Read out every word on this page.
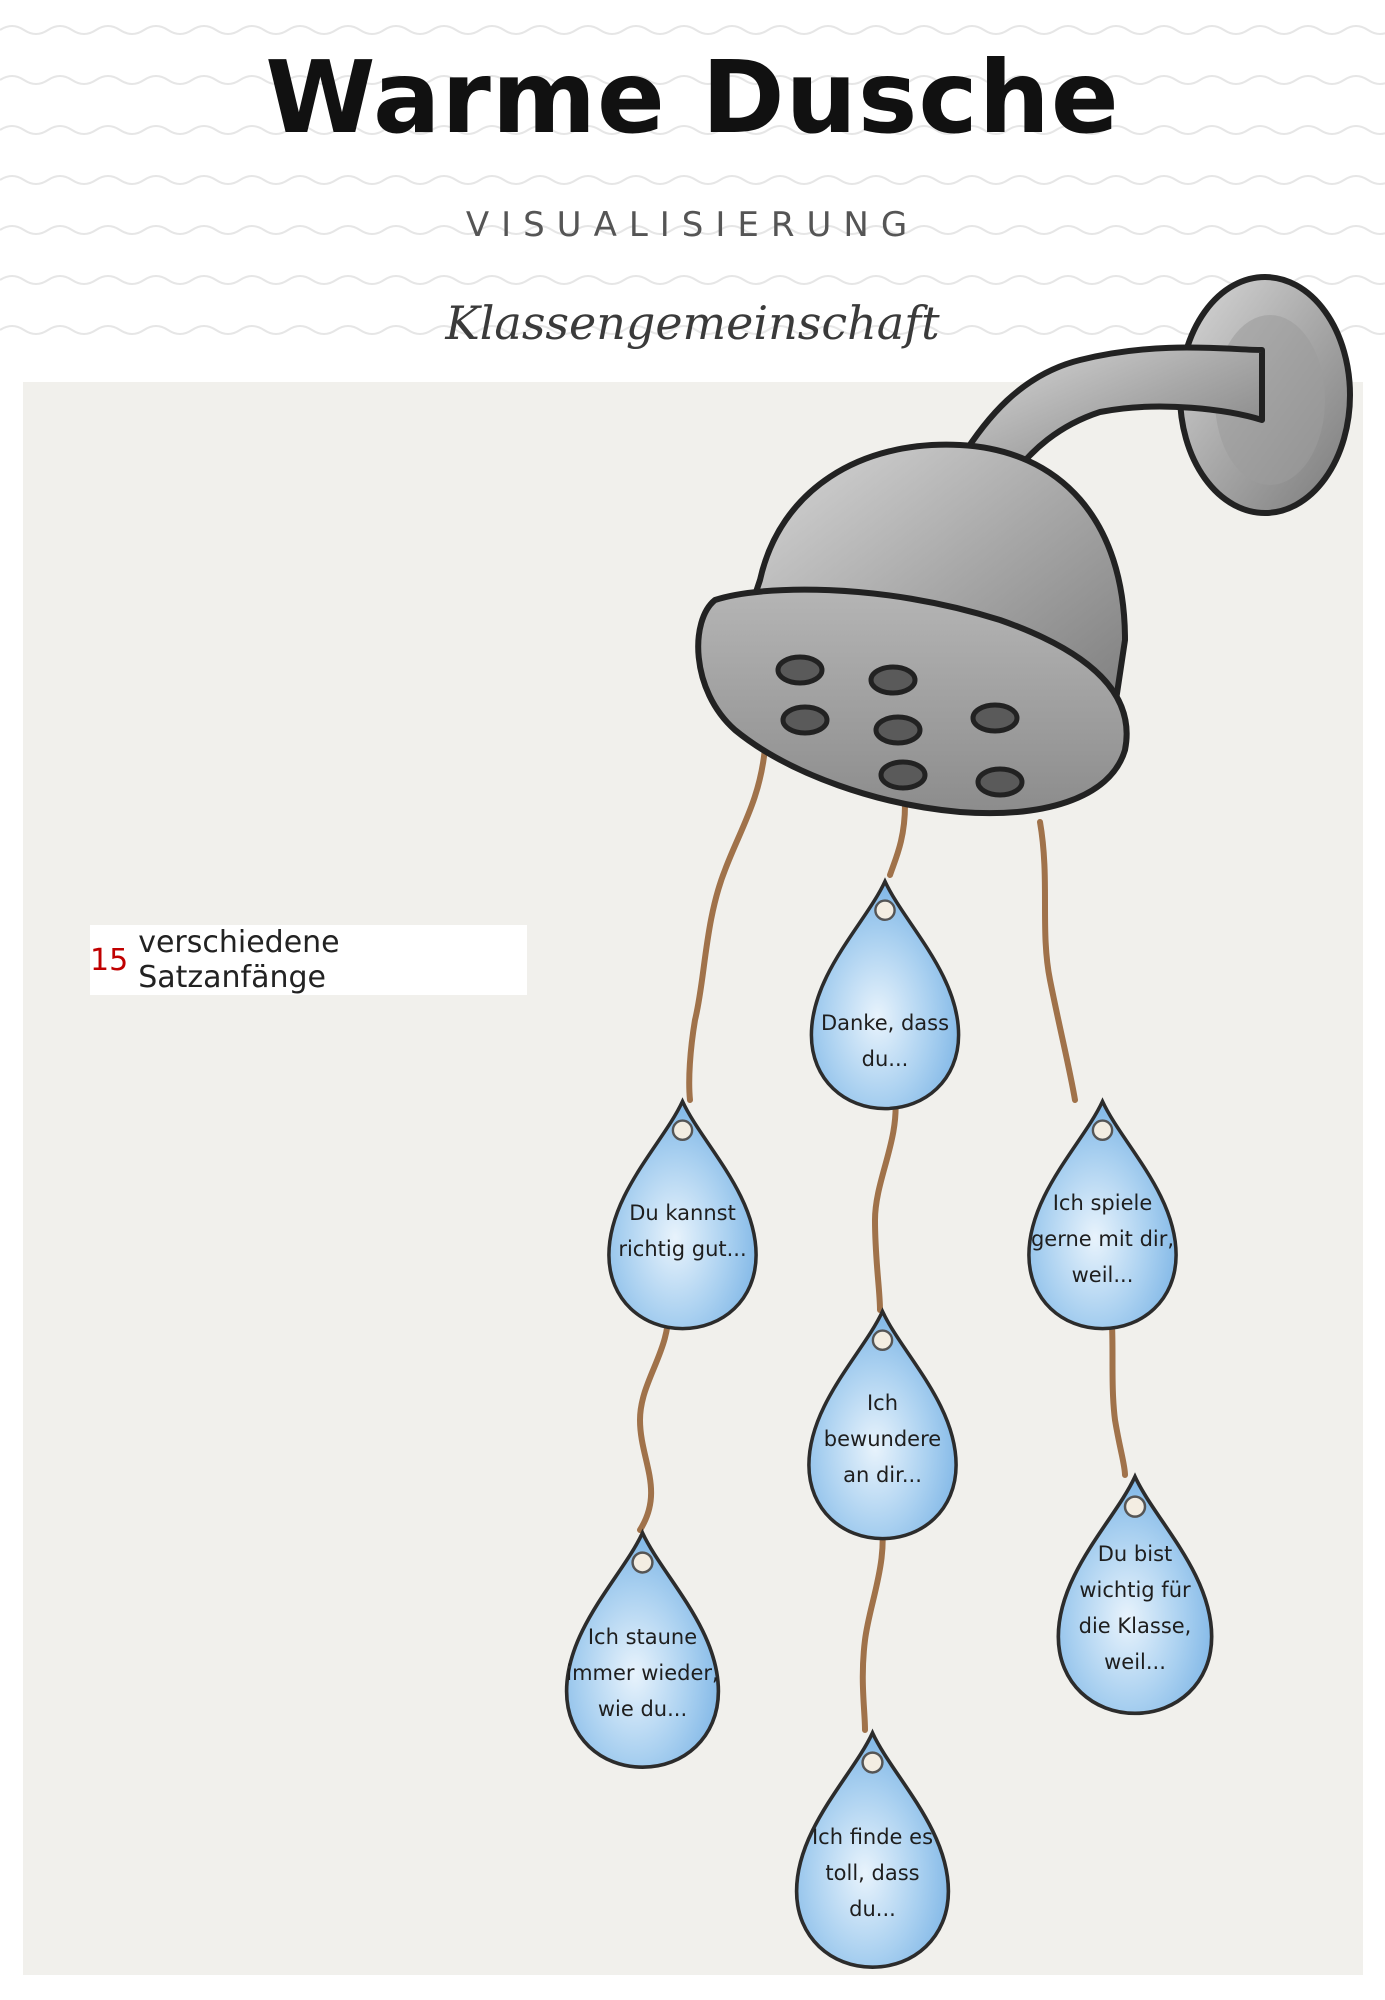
Warme Dusche
VISUALISIERUNG
Klassengemeinschaft
15 verschiedene Satzanfänge
Danke, dass
du...
Du kannst
richtig gut...
Ich spiele
gerne mit dir,
weil...
Ich
bewundere
an dir...
Du bist
wichtig für
die Klasse,
weil...
Ich staune
immer wieder,
wie du...
Ich finde es
toll, dass
du...
